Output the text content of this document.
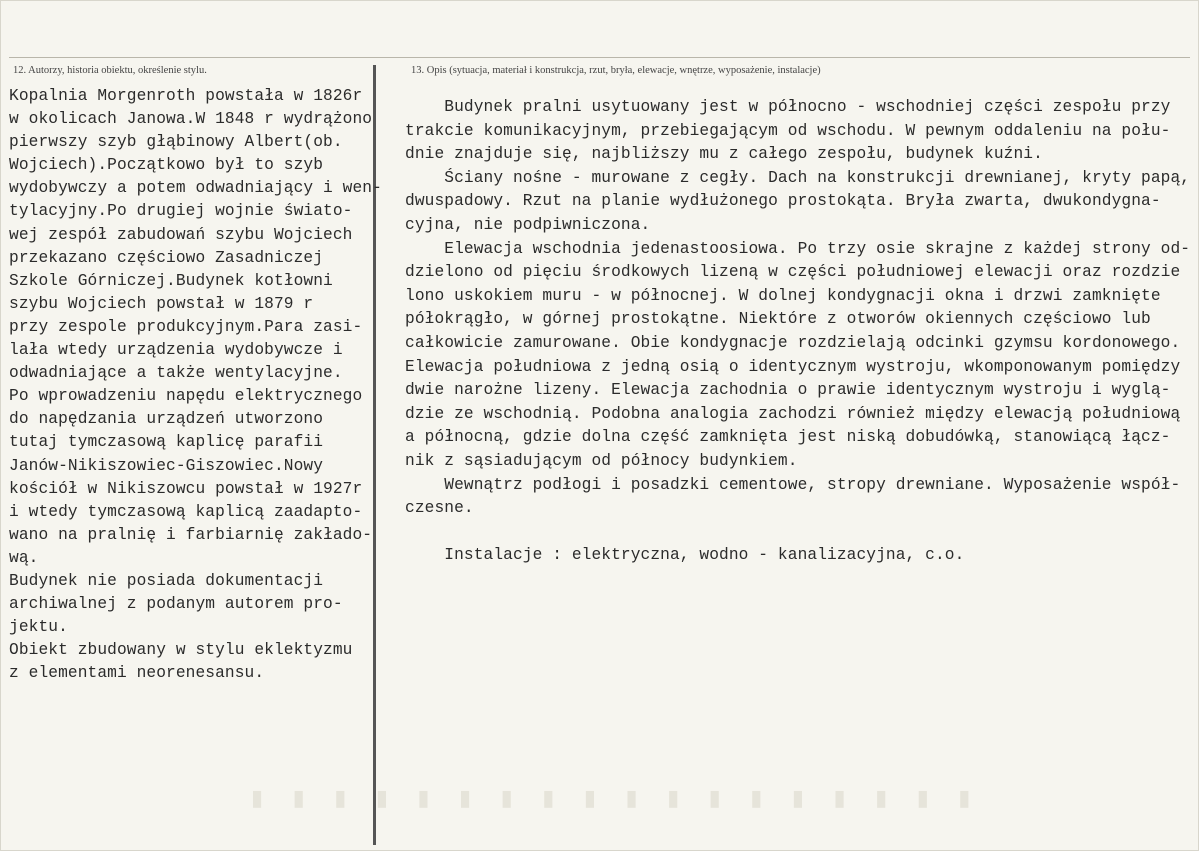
12. Autorzy, historia obiektu, określenie stylu.	13. Opis (sytuacja, materiał i konstrukcja, rzut, bryła, elewacje, wnętrze, wyposażenie, instalacje)
Kopalnia Morgenroth powstała w 1826r
w okolicach Janowa.W 1848 r wydrążono
pierwszy szyb głąbinowy Albert(ob.
Wojciech).Początkowo był to szyb
wydobywczy a potem odwadniający i wen-
tylacyjny.Po drugiej wojnie świato-
wej zespół zabudowań szybu Wojciech
przekazano częściowo Zasadniczej
Szkole Górniczej.Budynek kotłowni
szybu Wojciech powstał w 1879 r
przy zespole produkcyjnym.Para zasi-
lała wtedy urządzenia wydobywcze i
odwadniające a także wentylacyjne.
Po wprowadzeniu napędu elektrycznego
do napędzania urządzeń utworzono
tutaj tymczasową kaplicę parafii
Janów-Nikiszowiec-Giszowiec.Nowy
kościół w Nikiszowcu powstał w 1927r
i wtedy tymczasową kaplicą zaadapto-
wano na pralnię i farbiarnię zakłado-
wą.
Budynek nie posiada dokumentacji
archiwalnej z podanym autorem pro-
jektu.
Obiekt zbudowany w stylu eklektyzmu
z elementami neorenesansu.
Budynek pralni usytuowany jest w północno - wschodniej części zespołu przy
trakcie komunikacyjnym, przebiegającym od wschodu. W pewnym oddaleniu na połu-
dnie znajduje się, najbliższy mu z całego zespołu, budynek kuźni.
Ściany nośne - murowane z cegły. Dach na konstrukcji drewnianej, kryty papą,
dwuspadowy. Rzut na planie wydłużonego prostokąta. Bryła zwarta, dwukondygna-
cyjna, nie podpiwniczona.
Elewacja wschodnia jedenastoosiowa. Po trzy osie skrajne z każdej strony od-
dzielono od pięciu środkowych lizeną w części południowej elewacji oraz rozdzie
lono uskokiem muru - w północnej. W dolnej kondygnacji okna i drzwi zamknięte
półokrągło, w górnej prostokątne. Niektóre z otworów okiennych częściowo lub
całkowicie zamurowane. Obie kondygnacje rozdzielają odcinki gzymsu kordonowego.
Elewacja południowa z jedną osią o identycznym wystroju, wkomponowanym pomiędzy
dwie narożne lizeny. Elewacja zachodnia o prawie identycznym wystroju i wyglą-
dzie ze wschodnią. Podobna analogia zachodzi również między elewacją południową
a północną, gdzie dolna część zamknięta jest niską dobudówką, stanowiącą łącz-
nik z sąsiadującym od północy budynkiem.
Wewnątrz podłogi i posadzki cementowe, stropy drewniane. Wyposażenie współ-
czesne.

Instalacje : elektryczna, wodno - kanalizacyjna, c.o.
▮ ▮ ▮ ▮ ▮ ▮ ▮ ▮ ▮ ▮ ▮ ▮ ▮ ▮ ▮ ▮ ▮ ▮
